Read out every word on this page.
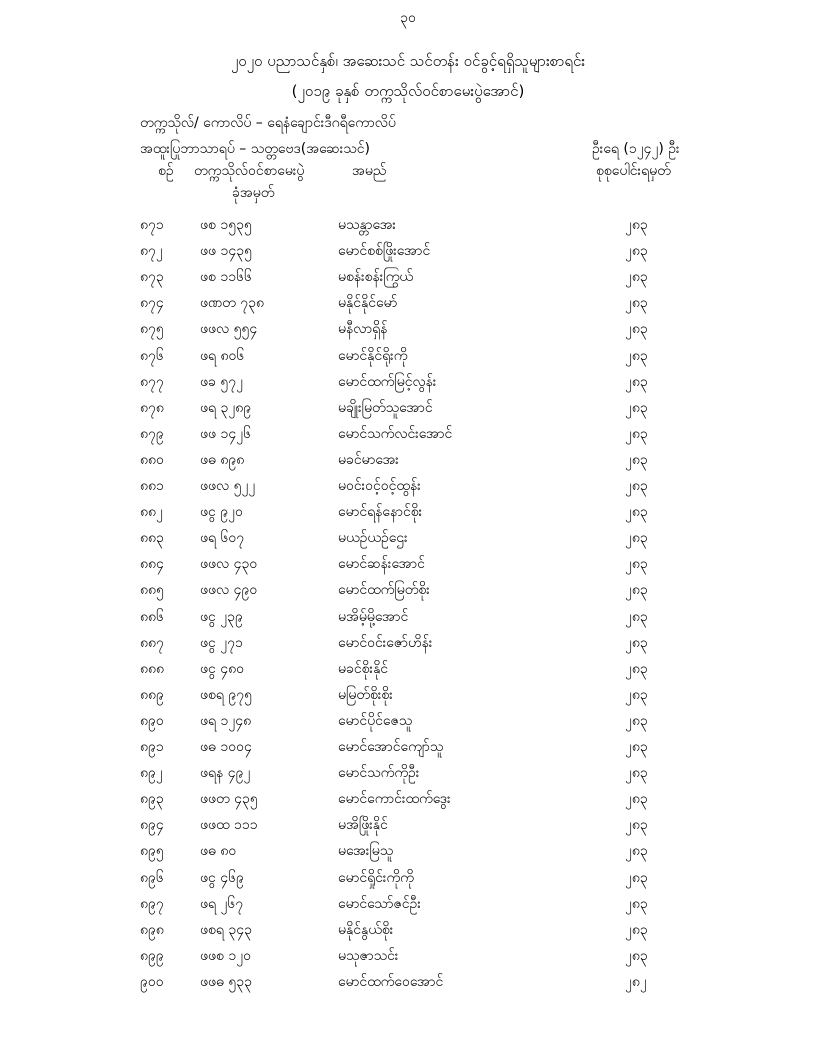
၃၀
၂၀၂၀ ပညာသင်နှစ်၊ အဆေးသင် သင်တန်း ဝင်ခွင့်ရရှိသူများစာရင်း
(၂၀၁၉ ခုနှစ် တက္ကသိုလ်ဝင်စာမေးပွဲအောင်)
တက္ကသိုလ်/ ကောလိပ် – ရေနံချောင်းဒီဂရီကောလိပ်
အထူးပြုဘာသာရပ် – သတ္တဗေဒ(အဆေးသင်)	ဦးရေ (၁၂၄၂) ဦး
စဉ် တက္ကသိုလ်ဝင်စာမေးပွဲ
ခုံအမှတ်
အမည်	စုစုပေါင်းရမှတ်
၈၇၁	ဖစ ၁၅၃၅	မသန္တာအေး	၂၈၃
၈၇၂	ဖဖ ၁၄၃၅	မောင်စစ်ဖြိုးအောင်	၂၈၃
၈၇၃	ဖစ ၁၁၆၆	မစန်းစန်းကြွယ်	၂၈၃
၈၇၄	ဖဏတ ၇၃၈	မနိုင်နိုင်မော်	၂၈၃
၈၇၅	ဖဖလ ၅၅၄	မနီလာရှိန်	၂၈၃
၈၇၆	ဖရ ၈၀၆	မောင်နိုင်ရိုးကို	၂၈၃
၈၇၇	ဖခ ၅၇၂	မောင်ထက်မြင့်လွန်း	၂၈၃
၈၇၈	ဖရ ၃၂၈၉	မချိုးမြတ်သူအောင်	၂၈၃
၈၇၉	ဖဖ ၁၄၂၆	မောင်သက်လင်းအောင်	၂၈၃
၈၈၀	ဖဓ ၈၉၈	မခင်မာအေး	၂၈၃
၈၈၁	ဖဖလ ၅၂၂	မဝင်းဝင့်ဝင့်ထွန်း	၂၈၃
၈၈၂	ဖငွ ၉၂၀	မောင်ရန်နောင်စိုး	၂၈၃
၈၈၃	ဖရ ၆၀၇	မယဉ်ယဉ်ဌေး	၂၈၃
၈၈၄	ဖဖလ ၄၃၀	မောင်ဆန်းအောင်	၂၈၃
၈၈၅	ဖဖလ ၄၉၀	မောင်ထက်မြတ်စိုး	၂၈၃
၈၈၆	ဖငွ ၂၃၉	မအိမ့်မို့အောင်	၂၈၃
၈၈၇	ဖငွ ၂၇၁	မောင်ဝင်းဇော်ဟိန်း	၂၈၃
၈၈၈	ဖငွ ၄၈၀	မခင်စိုးနိုင်	၂၈၃
၈၈၉	ဖစရ ၉၇၅	မမြတ်စိုးစိုး	၂၈၃
၈၉၀	ဖရ ၁၂၄၈	မောင်ပိုင်ဇေသူ	၂၈၃
၈၉၁	ဖဓ ၁၀၀၄	မောင်အောင်ကျော်သူ	၂၈၃
၈၉၂	ဖရန ၄၉၂	မောင်သက်ကိုဦး	၂၈၃
၈၉၃	ဖဖတ ၄၃၅	မောင်ကောင်းထက်ဒွေး	၂၈၃
၈၉၄	ဖဖထ ၁၁၁	မအိဖြိုးနိုင်	၂၈၃
၈၉၅	ဖဓ ၈၀	မအေးမြသူ	၂၈၃
၈၉၆	ဖငွ ၄၆၉	မောင်ရှိုင်းကိုကို	၂၈၃
၈၉၇	ဖရ ၂၆၇	မောင်သော်ဇင်ဦး	၂၈၃
၈၉၈	ဖစရ ၃၄၃	မနိုင်နွယ်စိုး	၂၈၃
၈၉၉	ဖဖစ ၁၂၀	မသုဇာသင်း	၂၈၃
၉၀၀	ဖဖဓ ၅၃၃	မောင်ထက်ဝေအောင်	၂၈၂
